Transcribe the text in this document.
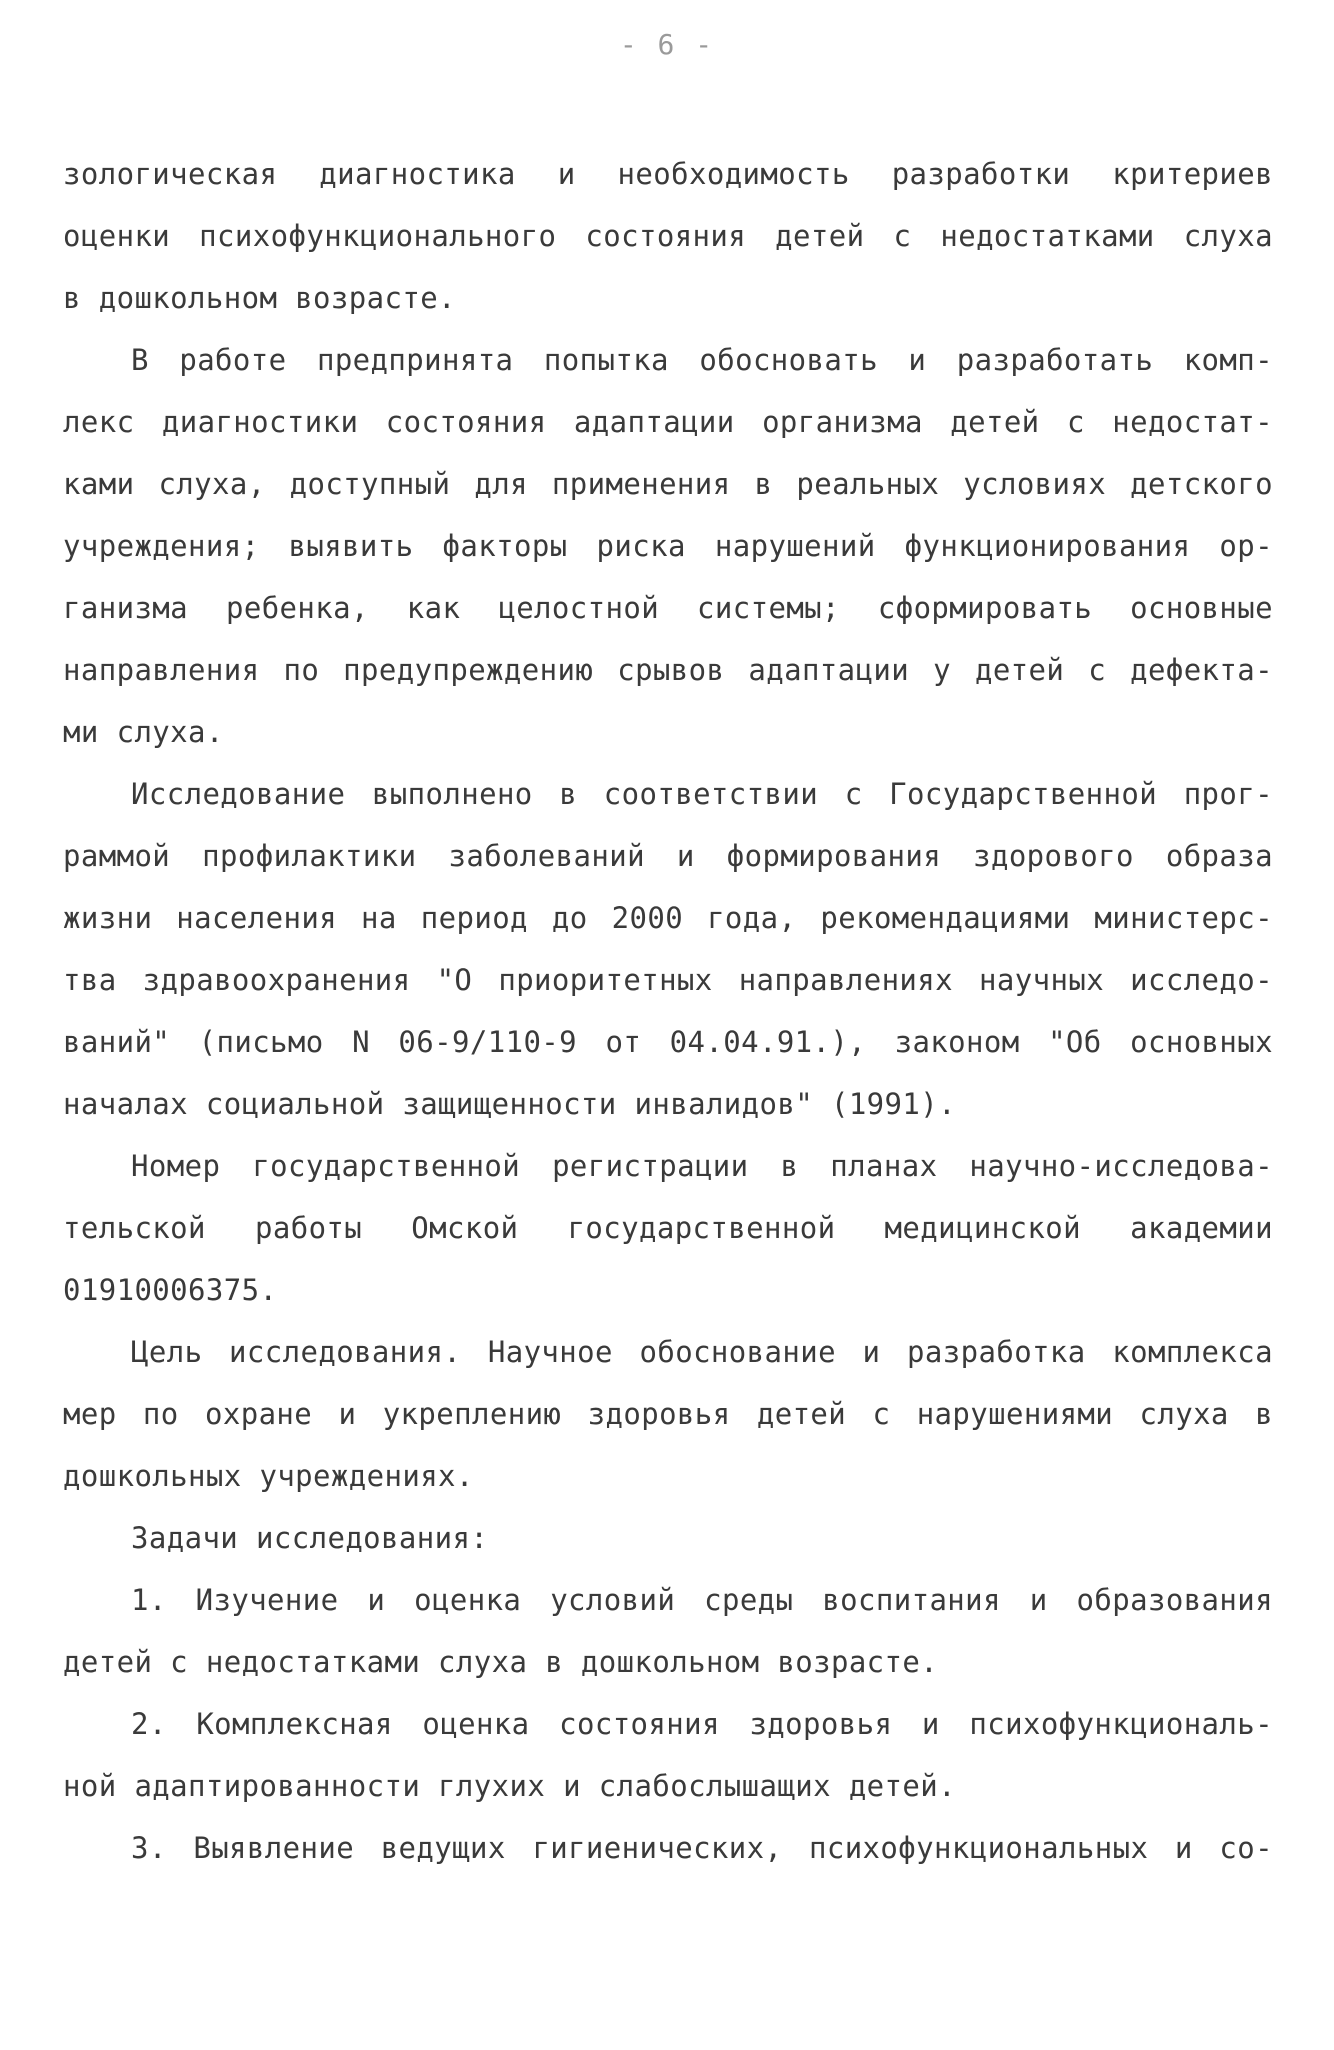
- 6 -
зологическая диагностика и необходимость разработки критериев
оценки психофункционального состояния детей с недостатками слуха
в дошкольном возрасте.
В работе предпринята попытка обосновать и разработать комп-
лекс диагностики состояния адаптации организма детей с недостат-
ками слуха, доступный для применения в реальных условиях детского
учреждения; выявить факторы риска нарушений функционирования ор-
ганизма ребенка, как целостной системы; сформировать основные
направления по предупреждению срывов адаптации у детей с дефекта-
ми слуха.
Исследование выполнено в соответствии с Государственной прог-
раммой профилактики заболеваний и формирования здорового образа
жизни населения на период до 2000 года, рекомендациями министерс-
тва здравоохранения "О приоритетных направлениях научных исследо-
ваний" (письмо N 06-9/110-9 от 04.04.91.), законом "Об основных
началах социальной защищенности инвалидов" (1991).
Номер государственной регистрации в планах научно-исследова-
тельской работы Омской государственной медицинской академии
01910006375.
Цель исследования. Научное обоснование и разработка комплекса
мер по охране и укреплению здоровья детей с нарушениями слуха в
дошкольных учреждениях.
Задачи исследования:
1. Изучение и оценка условий среды воспитания и образования
детей с недостатками слуха в дошкольном возрасте.
2. Комплексная оценка состояния здоровья и психофункциональ-
ной адаптированности глухих и слабослышащих детей.
3. Выявление ведущих гигиенических, психофункциональных и со-
